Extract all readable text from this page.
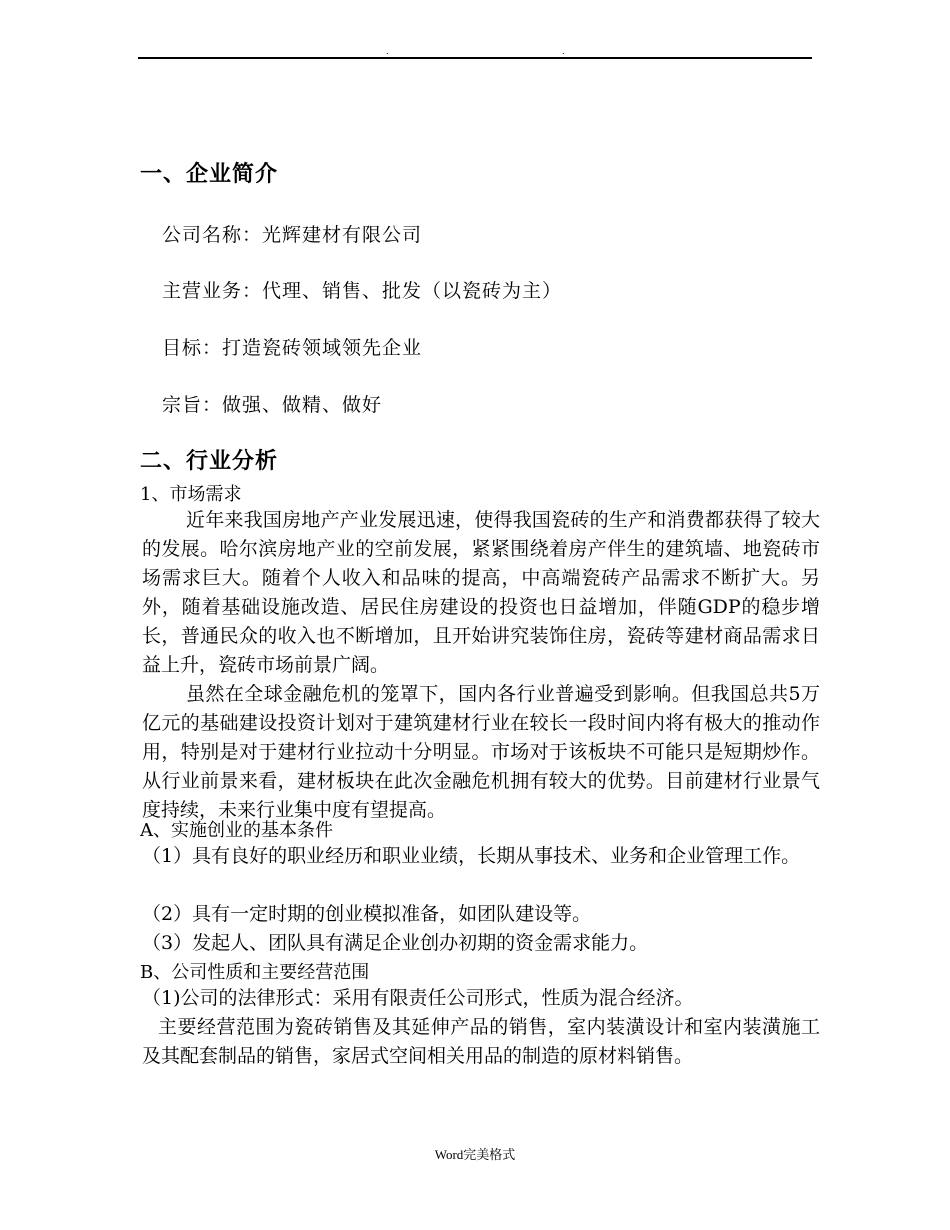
.	.
一、企业简介
公司名称：光辉建材有限公司
主营业务：代理、销售、批发（以瓷砖为主）
目标：打造瓷砖领域领先企业
宗旨：做强、做精、做好
二、行业分析
1、市场需求
近年来我国房地产产业发展迅速，使得我国瓷砖的生产和消费都获得了较大的发展。哈尔滨房地产业的空前发展，紧紧围绕着房产伴生的建筑墙、地瓷砖市场需求巨大。随着个人收入和品味的提高，中高端瓷砖产品需求不断扩大。另外，随着基础设施改造、居民住房建设的投资也日益增加，伴随GDP的稳步增长，普通民众的收入也不断增加，且开始讲究装饰住房，瓷砖等建材商品需求日益上升，瓷砖市场前景广阔。
虽然在全球金融危机的笼罩下，国内各行业普遍受到影响。但我国总共5万亿元的基础建设投资计划对于建筑建材行业在较长一段时间内将有极大的推动作用，特别是对于建材行业拉动十分明显。市场对于该板块不可能只是短期炒作。从行业前景来看，建材板块在此次金融危机拥有较大的优势。目前建材行业景气度持续，未来行业集中度有望提高。
A、实施创业的基本条件
（1）具有良好的职业经历和职业业绩，长期从事技术、业务和企业管理工作。
（2）具有一定时期的创业模拟准备，如团队建设等。
（3）发起人、团队具有满足企业创办初期的资金需求能力。
B、公司性质和主要经营范围
（1)公司的法律形式：采用有限责任公司形式，性质为混合经济。
主要经营范围为瓷砖销售及其延伸产品的销售，室内装潢设计和室内装潢施工及其配套制品的销售，家居式空间相关用品的制造的原材料销售。
Word完美格式
